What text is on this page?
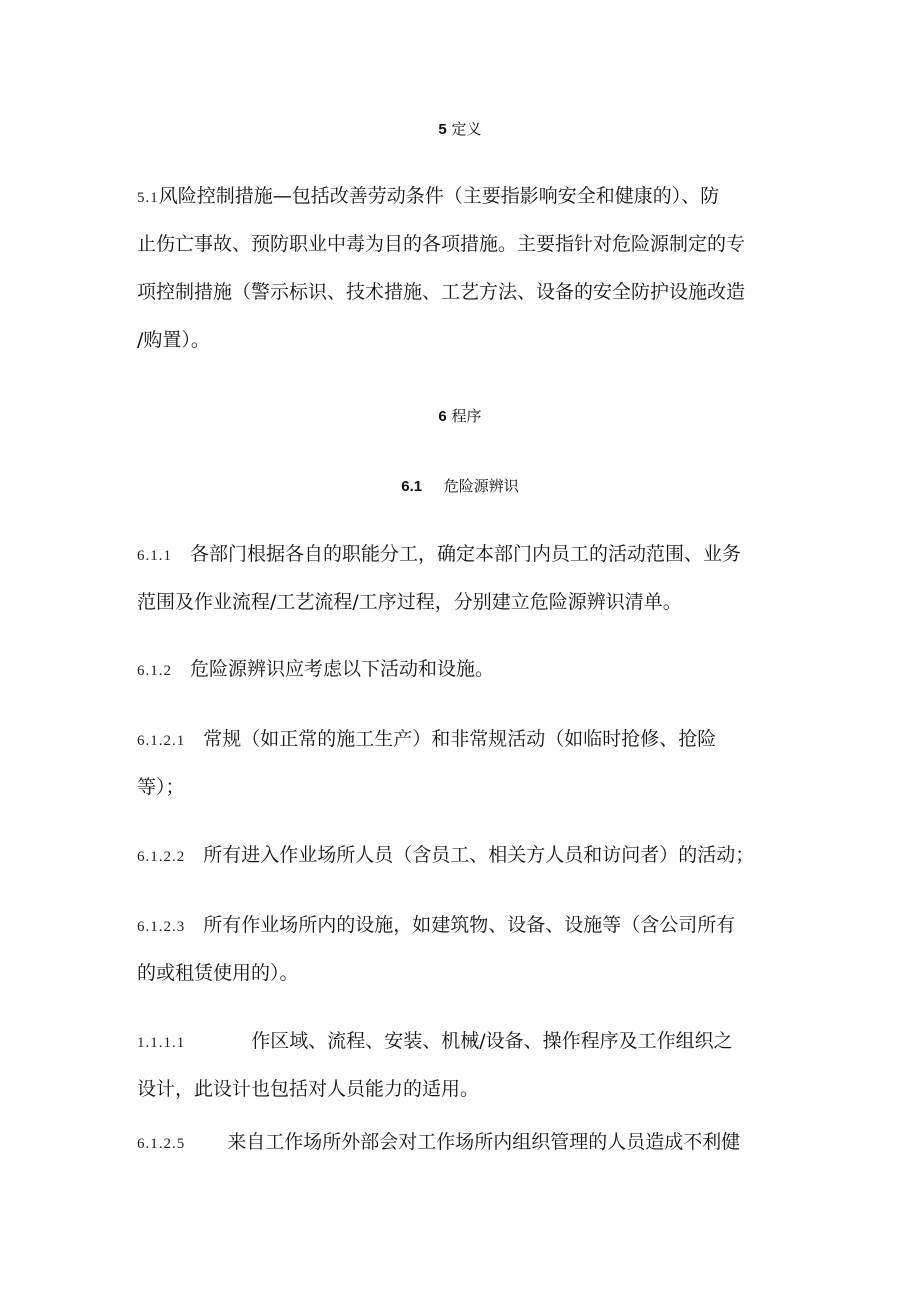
5 定义
5.1风险控制措施—包括改善劳动条件（主要指影响安全和健康的）、防
止伤亡事故、预防职业中毒为目的各项措施。主要指针对危险源制定的专
项控制措施（警示标识、技术措施、工艺方法、设备的安全防护设施改造
/购置）。
6 程序
6.1 危险源辨识
6.1.1 各部门根据各自的职能分工，确定本部门内员工的活动范围、业务
范围及作业流程/工艺流程/工序过程，分别建立危险源辨识清单。
6.1.2 危险源辨识应考虑以下活动和设施。
6.1.2.1 常规（如正常的施工生产）和非常规活动（如临时抢修、抢险
等）；
6.1.2.2 所有进入作业场所人员（含员工、相关方人员和访问者）的活动；
6.1.2.3 所有作业场所内的设施，如建筑物、设备、设施等（含公司所有
的或租赁使用的）。
1.1.1.1	作区域、流程、安装、机械/设备、操作程序及工作组织之
设计，此设计也包括对人员能力的适用。
6.1.2.5 来自工作场所外部会对工作场所内组织管理的人员造成不利健
